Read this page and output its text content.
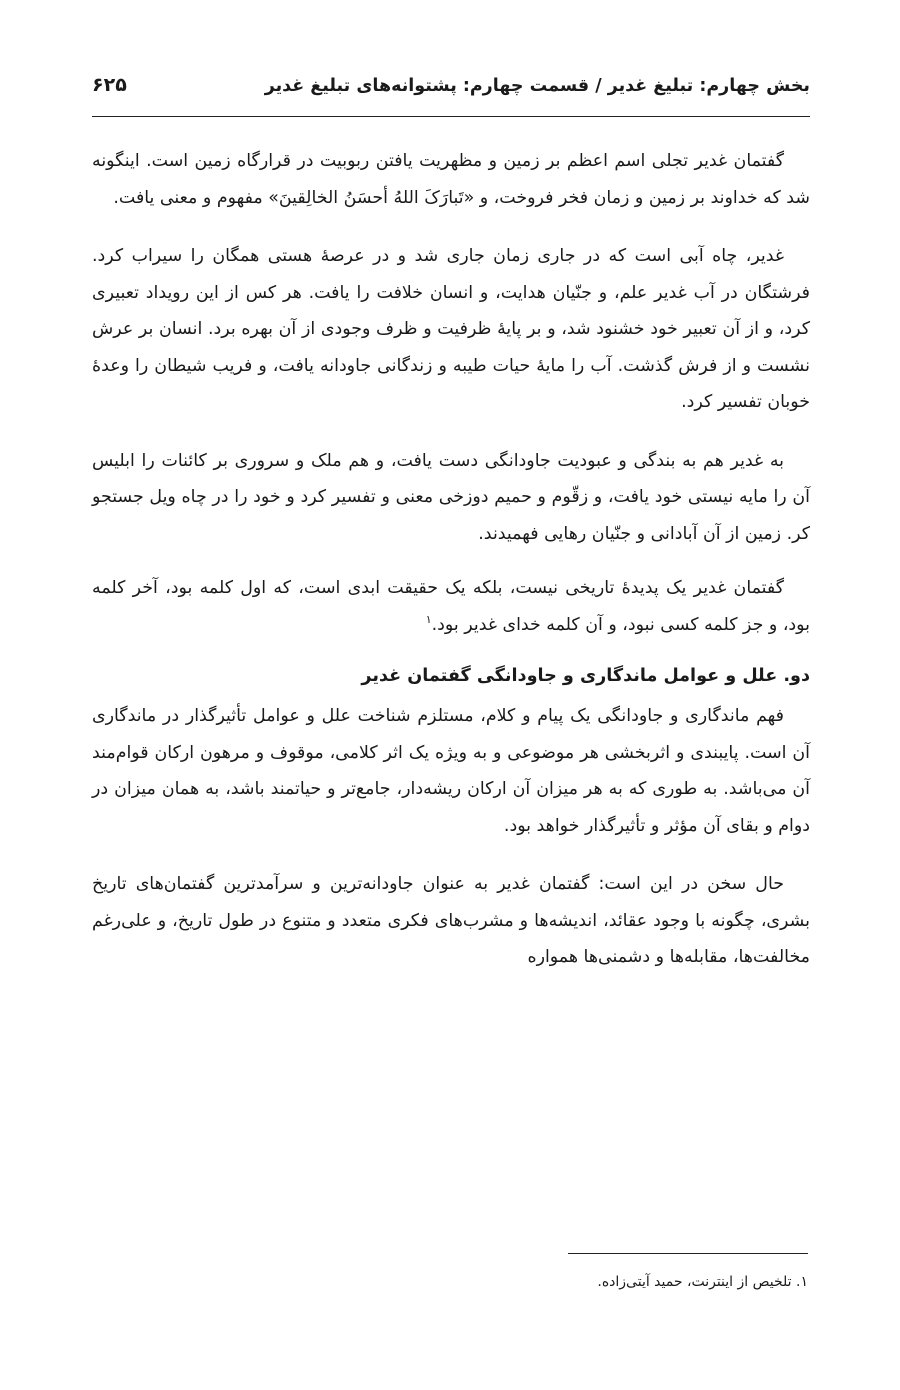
بخش چهارم: تبلیغ غدیر / قسمت چهارم: پشتوانه‌های تبلیغ غدیر
۶۲۵

گفتمان غدیر تجلی اسم اعظم بر زمین و مظهریت یافتن ربوبیت در قرارگاه زمین است. اینگونه شد که خداوند بر زمین و زمان فخر فروخت، و «تَبارَکَ اللهُ أحسَنُ الخالِقینَ» مفهوم و معنی یافت.

غدیر، چاه آبی است که در جاری زمان جاری شد و در عرصهٔ هستی همگان را سیراب کرد. فرشتگان در آب غدیر علم، و جنّیان هدایت، و انسان خلافت را یافت. هر کس از این رویداد تعبیری کرد، و از آن تعبیر خود خشنود شد، و بر پایهٔ ظرفیت و ظرف وجودی از آن بهره برد. انسان بر عرش نشست و از فرش گذشت. آب را مایهٔ حیات طیبه و زندگانی جاودانه یافت، و فریب شیطان را وعدهٔ خوبان تفسیر کرد.

به غدیر هم به بندگی و عبودیت جاودانگی دست یافت، و هم ملک و سروری بر کائنات را ابلیس آن را مایه نیستی خود یافت، و زقّوم و حمیم دوزخی معنی و تفسیر کرد و خود را در چاه ویل جستجو کر. زمین از آن آبادانی و جنّیان رهایی فهمیدند.

گفتمان غدیر یک پدیدهٔ تاریخی نیست، بلکه یک حقیقت ابدی است، که اول کلمه بود، آخر کلمه بود، و جز کلمه کسی نبود، و آن کلمه خدای غدیر بود.$^۱$

دو. علل و عوامل ماندگاری و جاودانگی گفتمان غدیر

فهم ماندگاری و جاودانگی یک پیام و کلام، مستلزم شناخت علل و عوامل تأثیرگذار در ماندگاری آن است. پایبندی و اثربخشی هر موضوعی و به ویژه یک اثر کلامی، موقوف و مرهون ارکان قوام‌مند آن می‌باشد. به طوری که به هر میزان آن ارکان ریشه‌دار، جامع‌تر و حیاتمند باشد، به همان میزان در دوام و بقای آن مؤثر و تأثیرگذار خواهد بود.

حال سخن در این است: گفتمان غدیر به عنوان جاودانه‌ترین و سرآمدترین گفتمان‌های تاریخ بشری، چگونه با وجود عقائد، اندیشه‌ها و مشرب‌های فکری متعدد و متنوع در طول تاریخ، و علی‌رغم مخالفت‌ها، مقابله‌ها و دشمنی‌ها همواره

۱. تلخیص از اینترنت، حمید آیتی‌زاده.
